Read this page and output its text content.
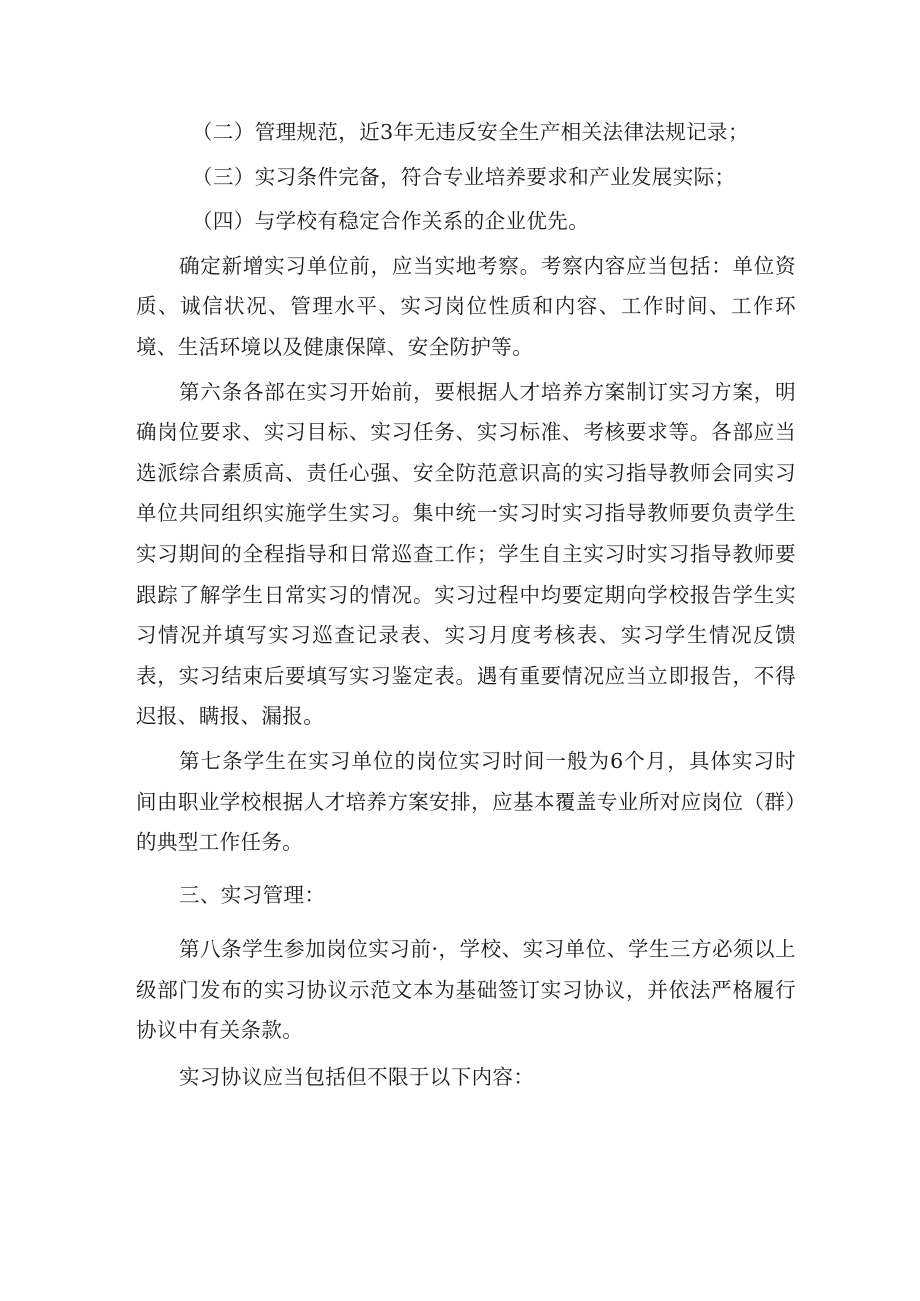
（二）管理规范，近3年无违反安全生产相关法律法规记录；

（三）实习条件完备，符合专业培养要求和产业发展实际；

（四）与学校有稳定合作关系的企业优先。

确定新增实习单位前，应当实地考察。考察内容应当包括：单位资质、诚信状况、管理水平、实习岗位性质和内容、工作时间、工作环境、生活环境以及健康保障、安全防护等。

第六条各部在实习开始前，要根据人才培养方案制订实习方案，明确岗位要求、实习目标、实习任务、实习标准、考核要求等。各部应当选派综合素质高、责任心强、安全防范意识高的实习指导教师会同实习单位共同组织实施学生实习。集中统一实习时实习指导教师要负责学生实习期间的全程指导和日常巡查工作；学生自主实习时实习指导教师要跟踪了解学生日常实习的情况。实习过程中均要定期向学校报告学生实习情况并填写实习巡查记录表、实习月度考核表、实习学生情况反馈表，实习结束后要填写实习鉴定表。遇有重要情况应当立即报告，不得迟报、瞒报、漏报。

第七条学生在实习单位的岗位实习时间一般为6个月，具体实习时间由职业学校根据人才培养方案安排，应基本覆盖专业所对应岗位（群）的典型工作任务。

三、实习管理：

第八条学生参加岗位实习前·，学校、实习单位、学生三方必须以上级部门发布的实习协议示范文本为基础签订实习协议，并依法严格履行协议中有关条款。

实习协议应当包括但不限于以下内容：
